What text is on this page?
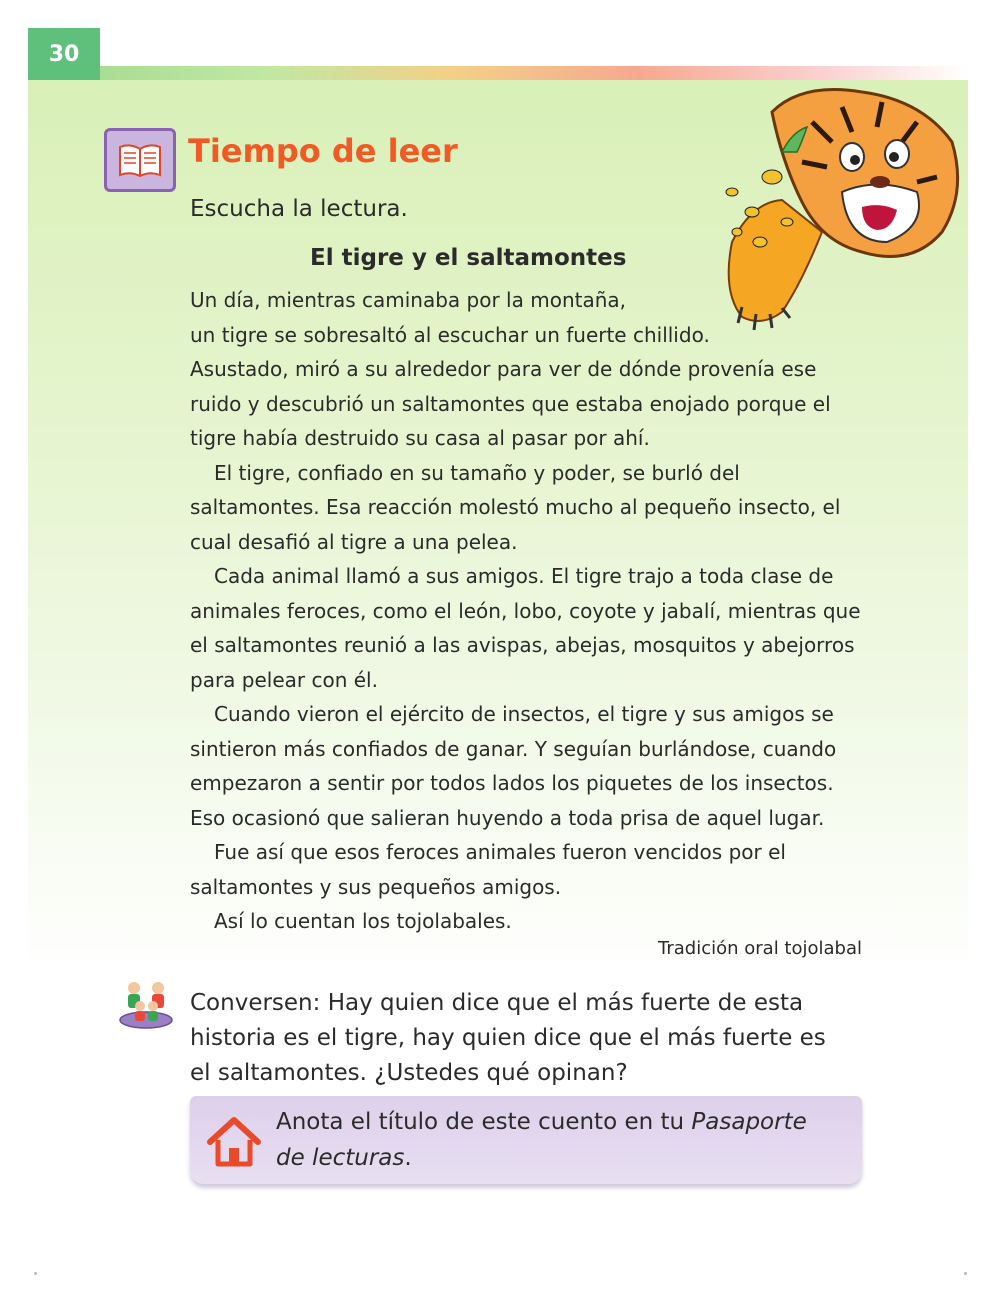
30
Tiempo de leer
Escucha la lectura.
El tigre y el saltamontes
Un día, mientras caminaba por la montaña,
un tigre se sobresaltó al escuchar un fuerte chillido.
Asustado, miró a su alrededor para ver de dónde provenía ese
ruido y descubrió un saltamontes que estaba enojado porque el
tigre había destruido su casa al pasar por ahí.
El tigre, confiado en su tamaño y poder, se burló del
saltamontes. Esa reacción molestó mucho al pequeño insecto, el
cual desafió al tigre a una pelea.
Cada animal llamó a sus amigos. El tigre trajo a toda clase de
animales feroces, como el león, lobo, coyote y jabalí, mientras que
el saltamontes reunió a las avispas, abejas, mosquitos y abejorros
para pelear con él.
Cuando vieron el ejército de insectos, el tigre y sus amigos se
sintieron más confiados de ganar. Y seguían burlándose, cuando
empezaron a sentir por todos lados los piquetes de los insectos.
Eso ocasionó que salieran huyendo a toda prisa de aquel lugar.
Fue así que esos feroces animales fueron vencidos por el
saltamontes y sus pequeños amigos.
Así lo cuentan los tojolabales.
Tradición oral tojolabal
Conversen: Hay quien dice que el más fuerte de esta historia es el tigre, hay quien dice que el más fuerte es el saltamontes. ¿Ustedes qué opinan?
Anota el título de este cuento en tu Pasaporte de lecturas.
